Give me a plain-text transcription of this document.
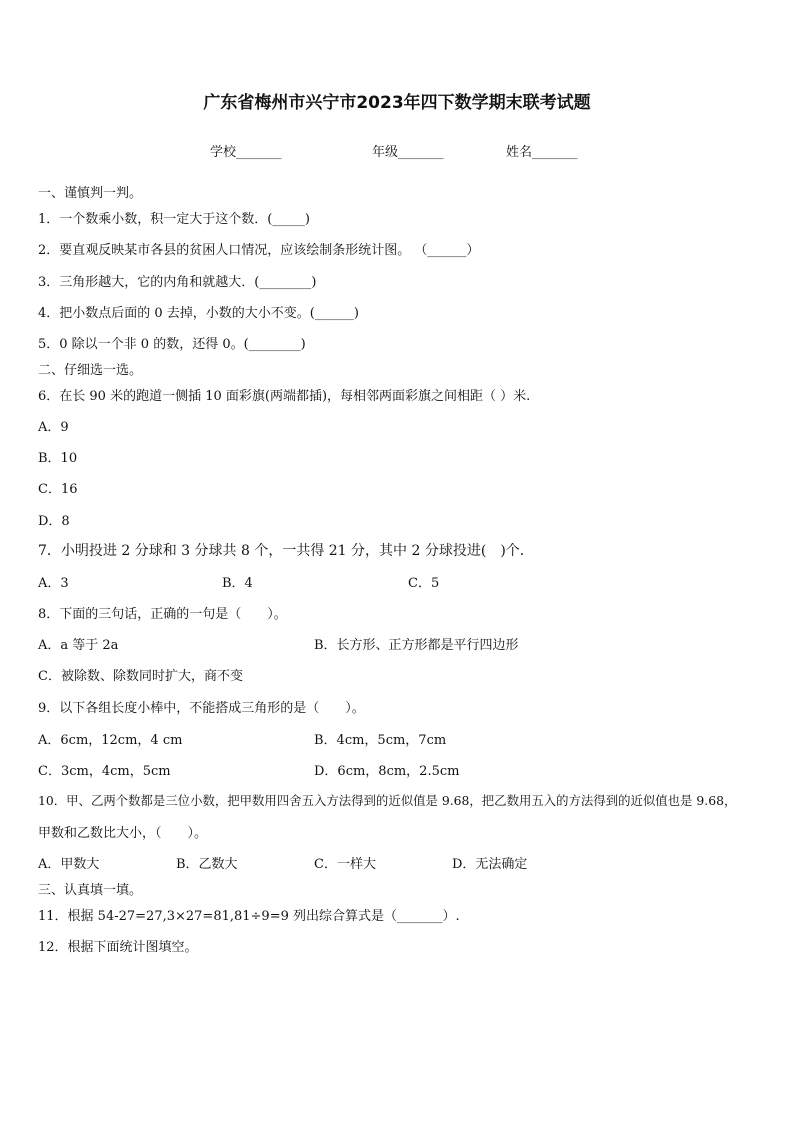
广东省梅州市兴宁市2023年四下数学期末联考试题
学校_______	年级_______	姓名_______
一、谨慎判一判。
1．一个数乘小数，积一定大于这个数．(_____)
2．要直观反映某市各县的贫困人口情况，应该绘制条形统计图。 （______）
3．三角形越大，它的内角和就越大．(________)
4．把小数点后面的 0 去掉，小数的大小不变。(______)
5．0 除以一个非 0 的数，还得 0。(________)
二、仔细选一选。
6．在长 90 米的跑道一侧插 10 面彩旗(两端都插)，每相邻两面彩旗之间相距（ ）米.
A．9
B．10
C．16
D．8
7．小明投进 2 分球和 3 分球共 8 个，一共得 21 分，其中 2 分球投进(　)个.
A．3	B．4	C．5
8．下面的三句话，正确的一句是（　　）。
A．a 等于 2a	B．长方形、正方形都是平行四边形
C．被除数、除数同时扩大，商不变
9．以下各组长度小棒中，不能搭成三角形的是（　　）。
A．6cm，12cm，4 cm	B．4cm，5cm，7cm
C．3cm，4cm，5cm	D．6cm，8cm，2.5cm
10．甲、乙两个数都是三位小数，把甲数用四舍五入方法得到的近似值是 9.68，把乙数用五入的方法得到的近似值也是 9.68，
甲数和乙数比大小，（　　）。
A．甲数大	B．乙数大	C．一样大	D．无法确定
三、认真填一填。
11．根据 54-27=27,3×27=81,81÷9=9 列出综合算式是（_______）.
12．根据下面统计图填空。
